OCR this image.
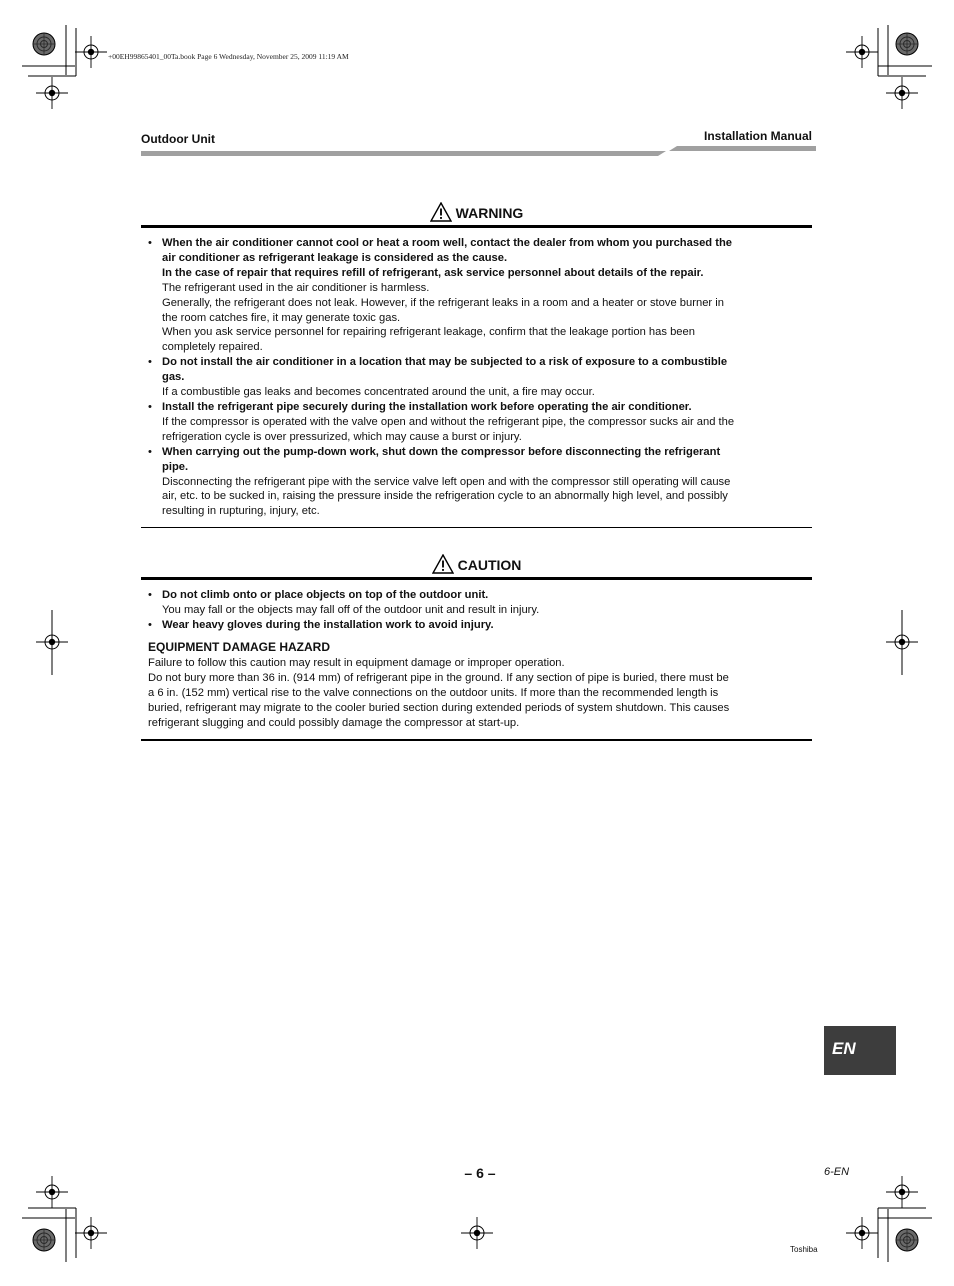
+00EH99865401_00Ta.book Page 6 Wednesday, November 25, 2009 11:19 AM
Outdoor Unit	Installation Manual
WARNING
• When the air conditioner cannot cool or heat a room well, contact the dealer from whom you purchased the
air conditioner as refrigerant leakage is considered as the cause.
In the case of repair that requires refill of refrigerant, ask service personnel about details of the repair.
The refrigerant used in the air conditioner is harmless.
Generally, the refrigerant does not leak. However, if the refrigerant leaks in a room and a heater or stove burner in
the room catches fire, it may generate toxic gas.
When you ask service personnel for repairing refrigerant leakage, confirm that the leakage portion has been
completely repaired.
• Do not install the air conditioner in a location that may be subjected to a risk of exposure to a combustible
gas.
If a combustible gas leaks and becomes concentrated around the unit, a fire may occur.
• Install the refrigerant pipe securely during the installation work before operating the air conditioner.
If the compressor is operated with the valve open and without the refrigerant pipe, the compressor sucks air and the
refrigeration cycle is over pressurized, which may cause a burst or injury.
• When carrying out the pump-down work, shut down the compressor before disconnecting the refrigerant
pipe.
Disconnecting the refrigerant pipe with the service valve left open and with the compressor still operating will cause
air, etc. to be sucked in, raising the pressure inside the refrigeration cycle to an abnormally high level, and possibly
resulting in rupturing, injury, etc.
CAUTION
• Do not climb onto or place objects on top of the outdoor unit.
You may fall or the objects may fall off of the outdoor unit and result in injury.
• Wear heavy gloves during the installation work to avoid injury.
EQUIPMENT DAMAGE HAZARD
Failure to follow this caution may result in equipment damage or improper operation.
Do not bury more than 36 in. (914 mm) of refrigerant pipe in the ground. If any section of pipe is buried, there must be
a 6 in. (152 mm) vertical rise to the valve connections on the outdoor units. If more than the recommended length is
buried, refrigerant may migrate to the cooler buried section during extended periods of system shutdown. This causes
refrigerant slugging and could possibly damage the compressor at start-up.
EN
– 6 –	6-EN
Toshiba
